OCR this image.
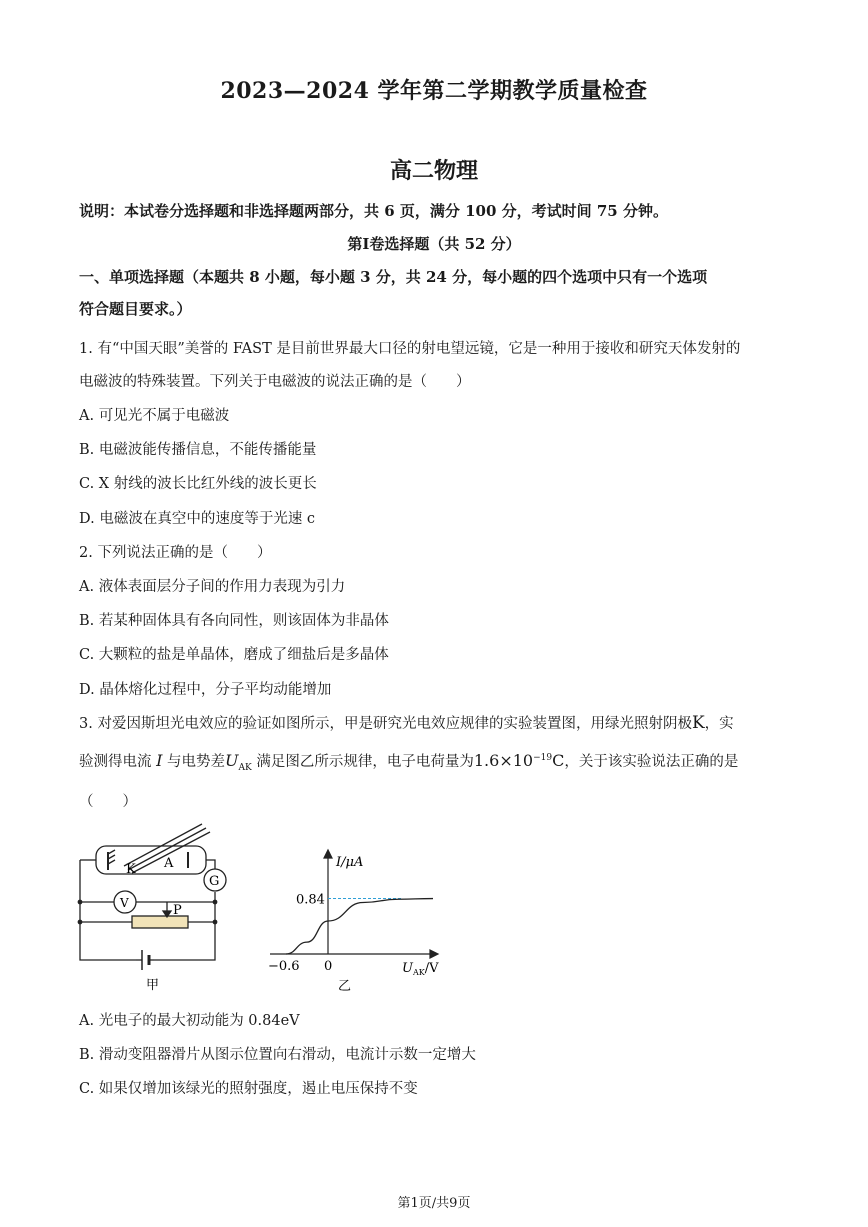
2023—2024 学年第二学期教学质量检查
高二物理
说明：本试卷分选择题和非选择题两部分，共 6 页，满分 100 分，考试时间 75 分钟。
第Ⅰ卷选择题（共 52 分）
一、单项选择题（本题共 8 小题，每小题 3 分，共 24 分，每小题的四个选项中只有一个选项
符合题目要求。）
1. 有“中国天眼”美誉的 FAST 是目前世界最大口径的射电望远镜，它是一种用于接收和研究天体发射的
电磁波的特殊装置。下列关于电磁波的说法正确的是（　　）
A. 可见光不属于电磁波
B. 电磁波能传播信息，不能传播能量
C. X 射线的波长比红外线的波长更长
D. 电磁波在真空中的速度等于光速 c
2. 下列说法正确的是（　　）
A. 液体表面层分子间的作用力表现为引力
B. 若某种固体具有各向同性，则该固体为非晶体
C. 大颗粒的盐是单晶体，磨成了细盐后是多晶体
D. 晶体熔化过程中，分子平均动能增加
3. 对爱因斯坦光电效应的验证如图所示，甲是研究光电效应规律的实验装置图，用绿光照射阴极K，实
验测得电流 I 与电势差$U_{AK}$ 满足图乙所示规律，电子电荷量为$1.6\times 10^{-19}C$，关于该实验说法正确的是
（　　）
K A
G
V	P
甲
I/μA
0.84
−0.6 0	$U_{AK}/V$
乙
A. 光电子的最大初动能为 0.84eV
B. 滑动变阻器滑片从图示位置向右滑动，电流计示数一定增大
C. 如果仅增加该绿光的照射强度，遏止电压保持不变
第1页/共9页
